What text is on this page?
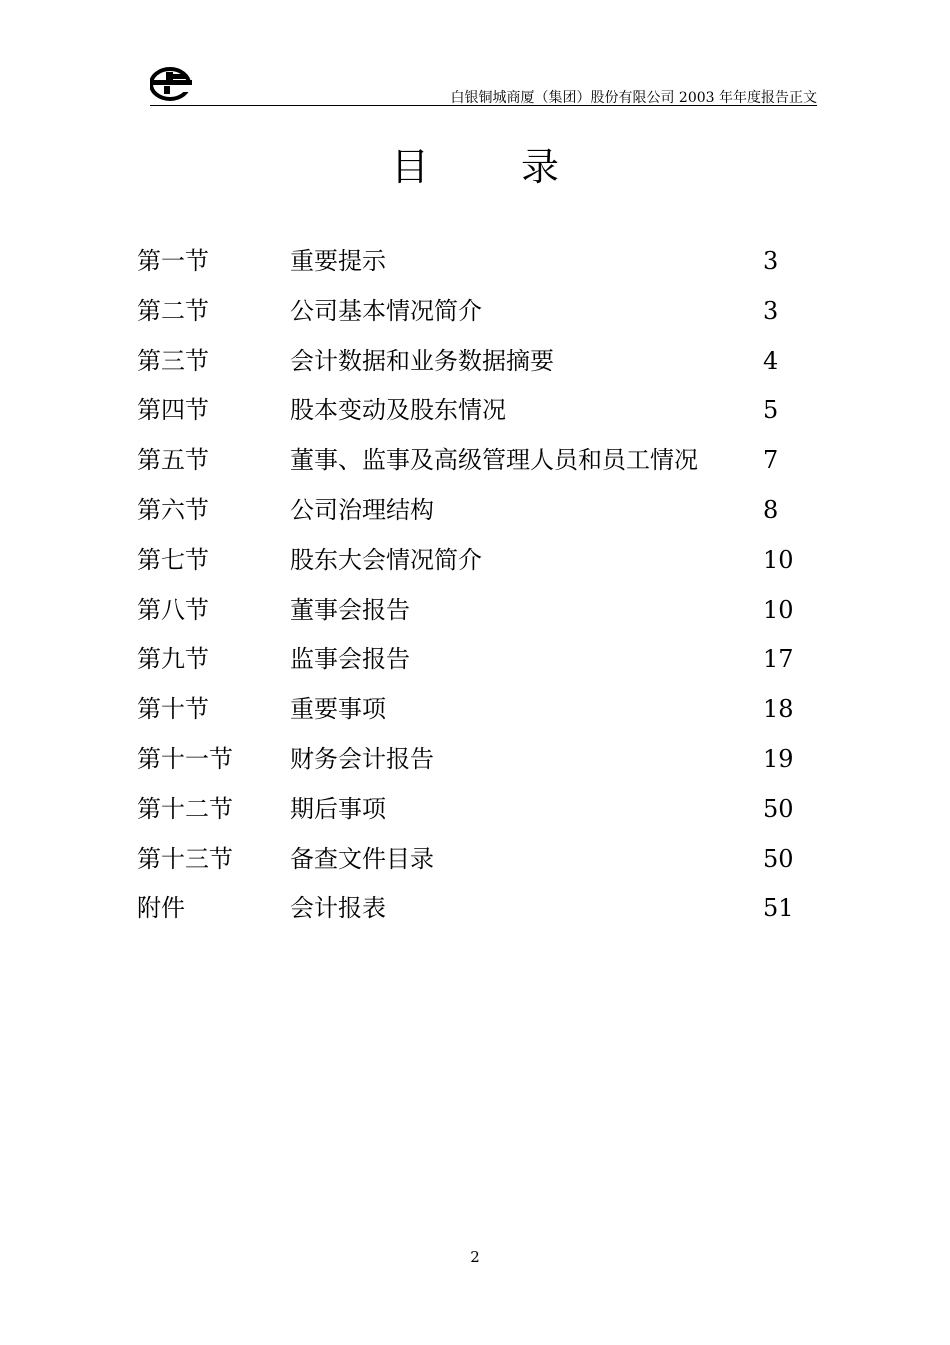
白银铜城商厦（集团）股份有限公司 2003 年年度报告正文
目 录
第一节	重要提示	3
第二节	公司基本情况简介	3
第三节	会计数据和业务数据摘要	4
第四节	股本变动及股东情况	5
第五节	董事、监事及高级管理人员和员工情况	7
第六节	公司治理结构	8
第七节	股东大会情况简介	10
第八节	董事会报告	10
第九节	监事会报告	17
第十节	重要事项	18
第十一节 财务会计报告	19
第十二节 期后事项	50
第十三节 备查文件目录	50
附件	会计报表	51
2
